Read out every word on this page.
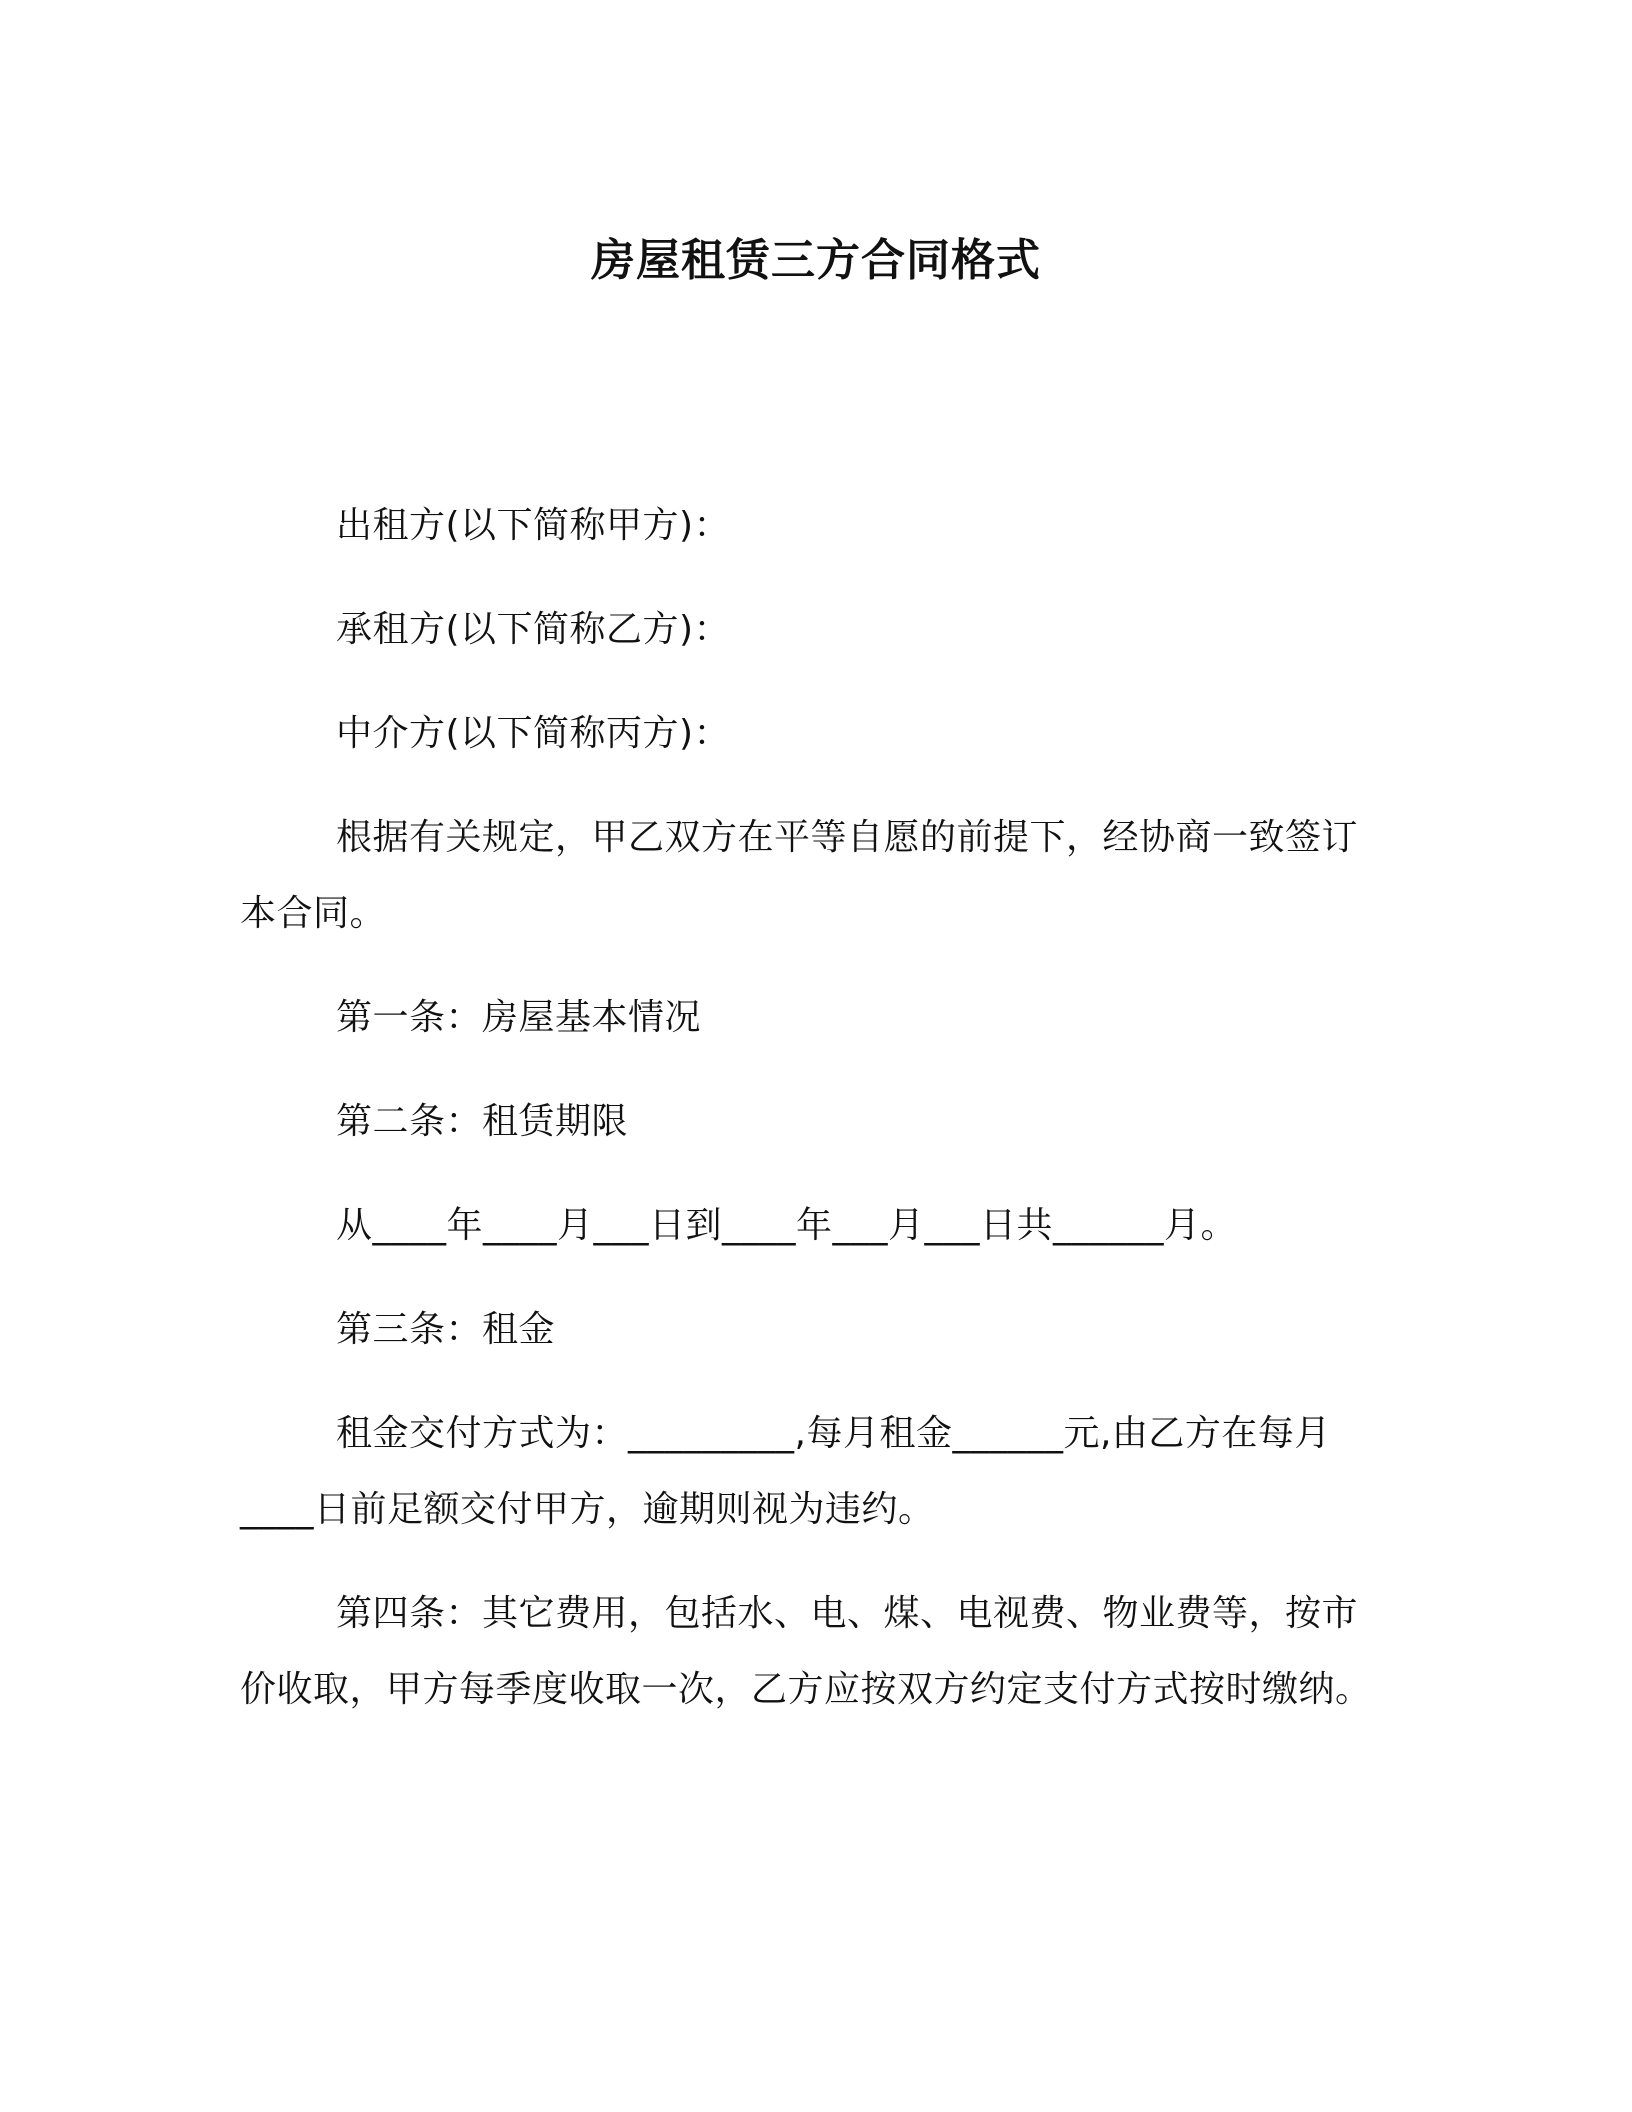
房屋租赁三方合同格式

出租方(以下简称甲方)：

承租方(以下简称乙方)：

中介方(以下简称丙方)：

根据有关规定，甲乙双方在平等自愿的前提下，经协商一致签订本合同。

第一条：房屋基本情况

第二条：租赁期限

从____年____月___日到____年___月___日共______月。

第三条：租金

租金交付方式为：_________,每月租金______元,由乙方在每月____日前足额交付甲方，逾期则视为违约。

第四条：其它费用，包括水、电、煤、电视费、物业费等，按市价收取，甲方每季度收取一次，乙方应按双方约定支付方式按时缴纳。
